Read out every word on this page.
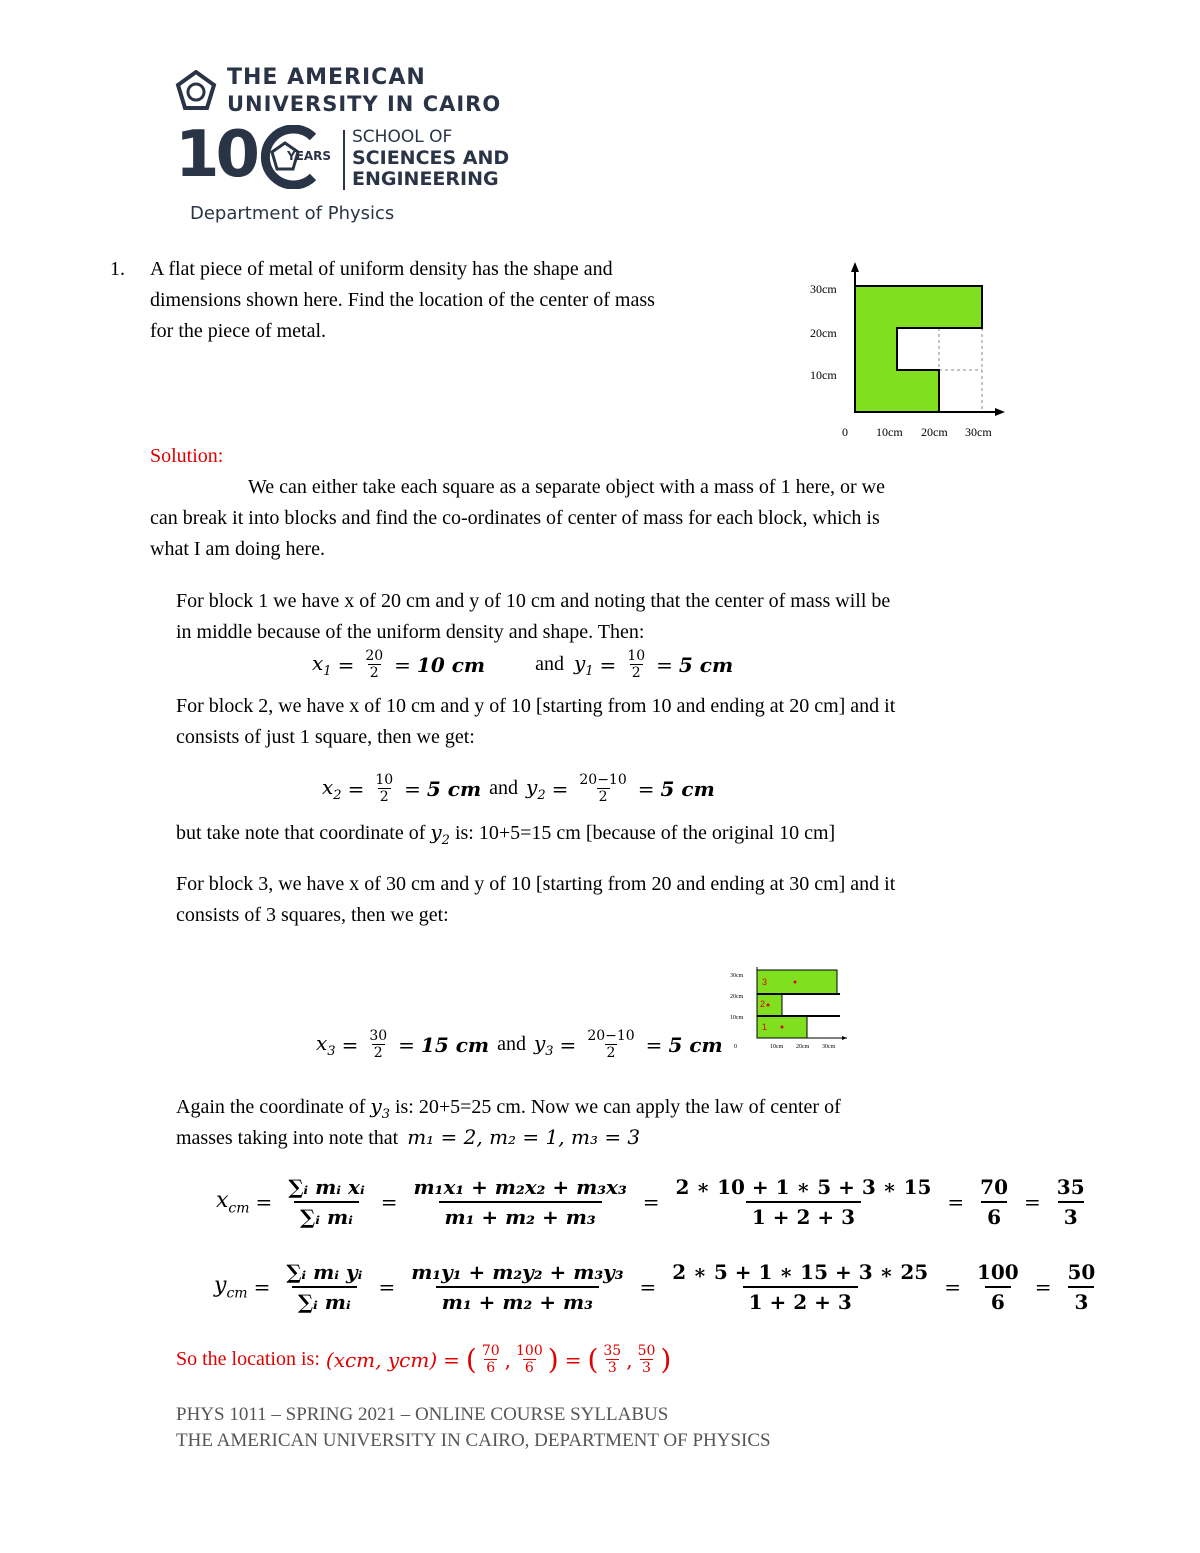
THE AMERICAN
UNIVERSITY IN CAIRO
10	YEARS
SCHOOL OF
SCIENCES AND
ENGINEERING
Department of Physics
1. A flat piece of metal of uniform density has the shape and
dimensions shown here. Find the location of the center of mass
for the piece of metal.
30cm
20cm
10cm
0 10cm 20cm 30cm
Solution:
We can either take each square as a separate object with a mass of 1 here, or we
can break it into blocks and find the co-ordinates of center of mass for each block, which is
what I am doing here.
For block 1 we have x of 20 cm and y of 10 cm and noting that the center of mass will be
in middle because of the uniform density and shape. Then:
$x_1 = \frac{20}{2} = 10$ cm	and $y_1 = \frac{10}{2} = 5$ cm
For block 2, we have x of 10 cm and y of 10 [starting from 10 and ending at 20 cm] and it
consists of just 1 square, then we get:
$x_2 = \frac{10}{2} = 5$ cm and $y_2 = \frac{20-10}{2} = 5$ cm
but take note that coordinate of $y_2$ is: 10+5=15 cm [because of the original 10 cm]
For block 3, we have x of 30 cm and y of 10 [starting from 20 and ending at 30 cm] and it
consists of 3 squares, then we get:
30cm
20cm
10cm
0	10cm 20cm 30cm
3
2
1
$x_3 = \frac{30}{2} = 15$ cm and $y_3 = \frac{20-10}{2} = 5$ cm
Again the coordinate of $y_3$ is: 20+5=25 cm. Now we can apply the law of center of
masses taking into note that m₁ = 2, m₂ = 1, m₃ = 3
$x_{cm} = \frac{\text{∑ᵢ mᵢ xᵢ}}{\text{∑ᵢ mᵢ}} = \frac{\text{m₁x₁ + m₂x₂ + m₃x₃}}{\text{m₁ + m₂ + m₃}} = \frac{2 ∗ 10 + 1 ∗ 5 + 3 ∗ 15}{1 + 2 + 3} = \frac{70}{6} = \frac{35}{3}$
$y_{cm} = \frac{\text{∑ᵢ mᵢ yᵢ}}{\text{∑ᵢ mᵢ}} = \frac{\text{m₁y₁ + m₂y₂ + m₃y₃}}{\text{m₁ + m₂ + m₃}} = \frac{2 ∗ 5 + 1 ∗ 15 + 3 ∗ 25}{1 + 2 + 3} = \frac{100}{6} = \frac{50}{3}$
So the location is: (xcm, ycm) = ( $\frac{70}{6}$ , $\frac{100}{6}$ ) = ( $\frac{35}{3}$ , $\frac{50}{3}$ )
PHYS 1011 – SPRING 2021 – ONLINE COURSE SYLLABUS
THE AMERICAN UNIVERSITY IN CAIRO, DEPARTMENT OF PHYSICS
